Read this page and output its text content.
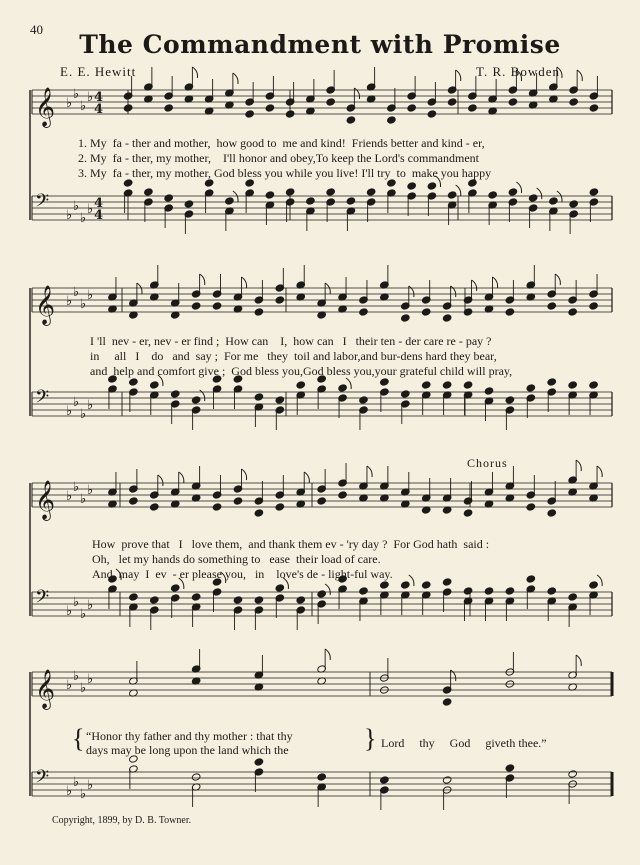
40
The Commandment with Promise
E. E. Hewitt	T. R. Bowden
𝄞 ♭
♭
♭
♭ 4
4
𝄢 ♭
♭
♭
♭ 4
4
𝄞 ♭
♭
♭
♭
𝄢 ♭
♭
♭
♭
𝄞 ♭
♭
♭
♭
𝄢 ♭
♭
♭
♭
𝄞 ♭
♭
♭
♭
𝄢 ♭
♭
♭
♭
1. My  fa - ther and mother,  how good to  me and kind!  Friends better and kind - er,
2. My  fa - ther, my mother,    I'll honor and obey,To keep the Lord's commandment
3. My  fa - ther, my mother, God bless you while you live! I'll try  to  make you happy
I 'll  nev - er, nev - er find ;  How can    I,  how can   I   their ten - der care re - pay ?
in     all   I    do   and  say ;  For me   they  toil and labor,and bur-dens hard they bear,
and  help and comfort give ;  God bless you,God bless you,your grateful child will pray,
Chorus
How  prove that   I   love them,  and thank them ev - 'ry day ?  For God hath  said :
Oh,   let my hands do something to   ease  their load of care.
And  may  I  ev  - er please you,   in    love's de - light-ful way.
{ “Honor thy father and thy mother : that thy
days may be long upon the land which the	} Lord     thy     God     giveth thee.”
Copyright, 1899, by D. B. Towner.
